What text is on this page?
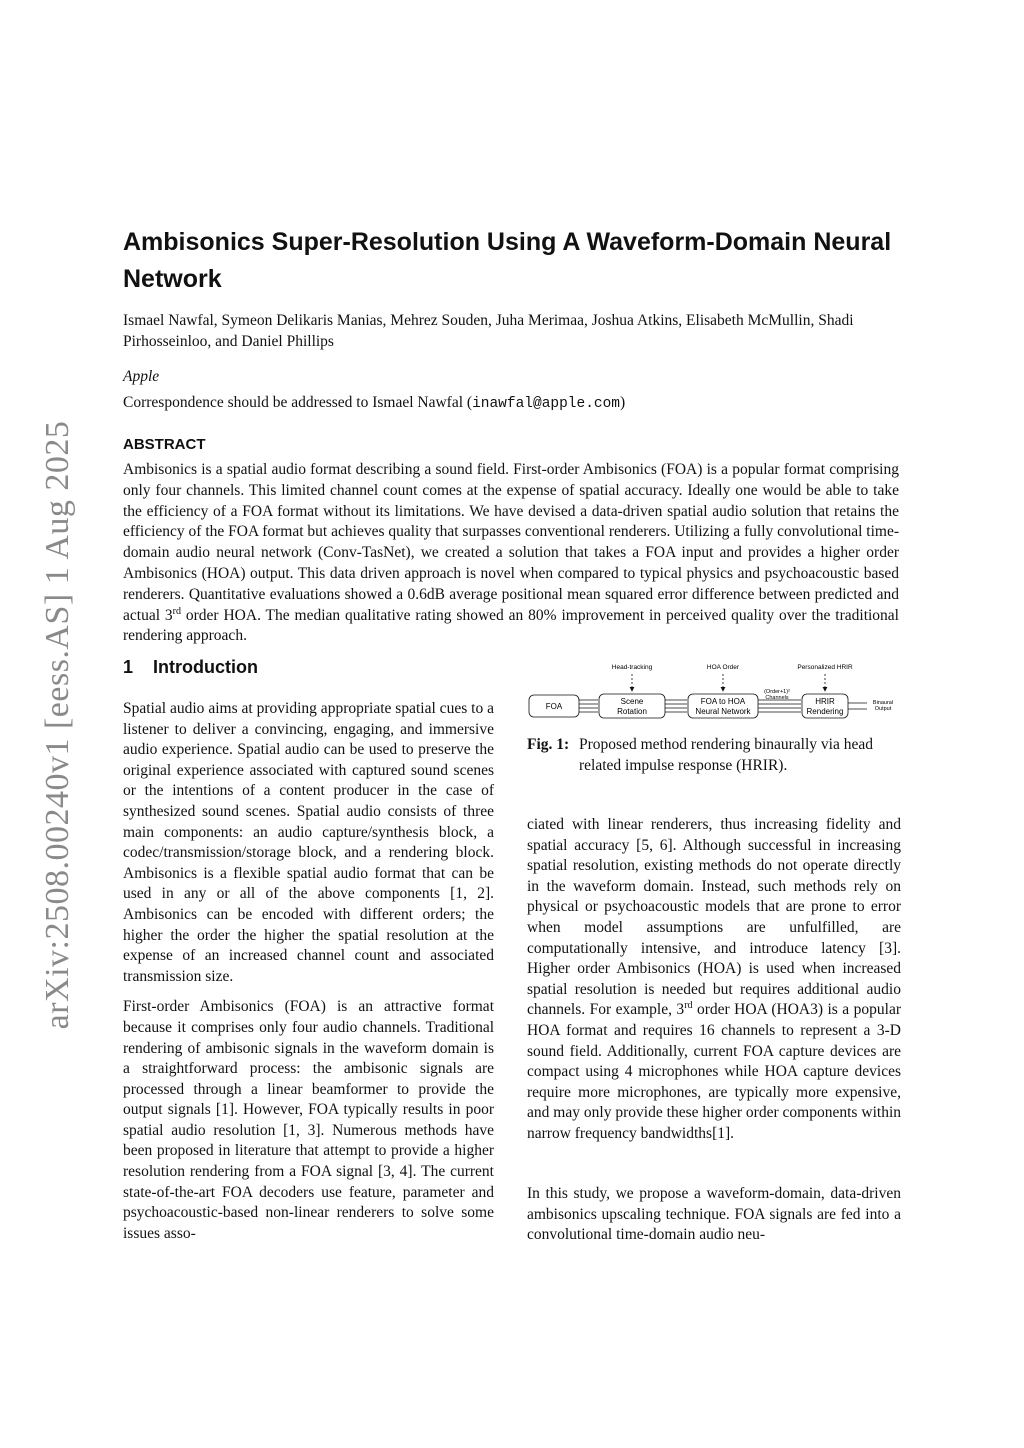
arXiv:2508.00240v1 [eess.AS] 1 Aug 2025
Ambisonics Super-Resolution Using A Waveform-Domain Neural Network

Ismael Nawfal, Symeon Delikaris Manias, Mehrez Souden, Juha Merimaa, Joshua Atkins, Elisabeth McMullin, Shadi Pirhosseinloo, and Daniel Phillips

Apple

Correspondence should be addressed to Ismael Nawfal (inawfal@apple.com)

ABSTRACT

Ambisonics is a spatial audio format describing a sound field. First-order Ambisonics (FOA) is a popular format comprising only four channels. This limited channel count comes at the expense of spatial accuracy. Ideally one would be able to take the efficiency of a FOA format without its limitations. We have devised a data-driven spatial audio solution that retains the efficiency of the FOA format but achieves quality that surpasses conventional renderers. Utilizing a fully convolutional time-domain audio neural network (Conv-TasNet), we created a solution that takes a FOA input and provides a higher order Ambisonics (HOA) output. This data driven approach is novel when compared to typical physics and psychoacoustic based renderers. Quantitative evaluations showed a 0.6dB average positional mean squared error difference between predicted and actual 3rd order HOA. The median qualitative rating showed an 80% improvement in perceived quality over the traditional rendering approach.

1 Introduction

Spatial audio aims at providing appropriate spatial cues to a listener to deliver a convincing, engaging, and immersive audio experience. Spatial audio can be used to preserve the original experience associated with captured sound scenes or the intentions of a content producer in the case of synthesized sound scenes. Spatial audio consists of three main components: an audio capture/synthesis block, a codec/transmission/storage block, and a rendering block. Ambisonics is a flexible spatial audio format that can be used in any or all of the above components [1, 2]. Ambisonics can be encoded with different orders; the higher the order the higher the spatial resolution at the expense of an increased channel count and associated transmission size.

First-order Ambisonics (FOA) is an attractive format because it comprises only four audio channels. Traditional rendering of ambisonic signals in the waveform domain is a straightforward process: the ambisonic signals are processed through a linear beamformer to provide the output signals [1]. However, FOA typically results in poor spatial audio resolution [1, 3]. Numerous methods have been proposed in literature that attempt to provide a higher resolution rendering from a FOA signal [3, 4]. The current state-of-the-art FOA decoders use feature, parameter and psychoacoustic-based non-linear renderers to solve some issues asso-

Head-tracking	HOA Order	Personalized HRIR
FOA
Scene
Rotation
FOA to HOA
Neural Network
(Order+1)²
Channels	HRIR
Rendering
Binaural
Output
Fig. 1: Proposed method rendering binaurally via head related impulse response (HRIR).

ciated with linear renderers, thus increasing fidelity and spatial accuracy [5, 6]. Although successful in increasing spatial resolution, existing methods do not operate directly in the waveform domain. Instead, such methods rely on physical or psychoacoustic models that are prone to error when model assumptions are unfulfilled, are computationally intensive, and introduce latency [3]. Higher order Ambisonics (HOA) is used when increased spatial resolution is needed but requires additional audio channels. For example, 3rd order HOA (HOA3) is a popular HOA format and requires 16 channels to represent a 3-D sound field. Additionally, current FOA capture devices are compact using 4 microphones while HOA capture devices require more microphones, are typically more expensive, and may only provide these higher order components within narrow frequency bandwidths[1].

In this study, we propose a waveform-domain, data-driven ambisonics upscaling technique. FOA signals are fed into a convolutional time-domain audio neu-
